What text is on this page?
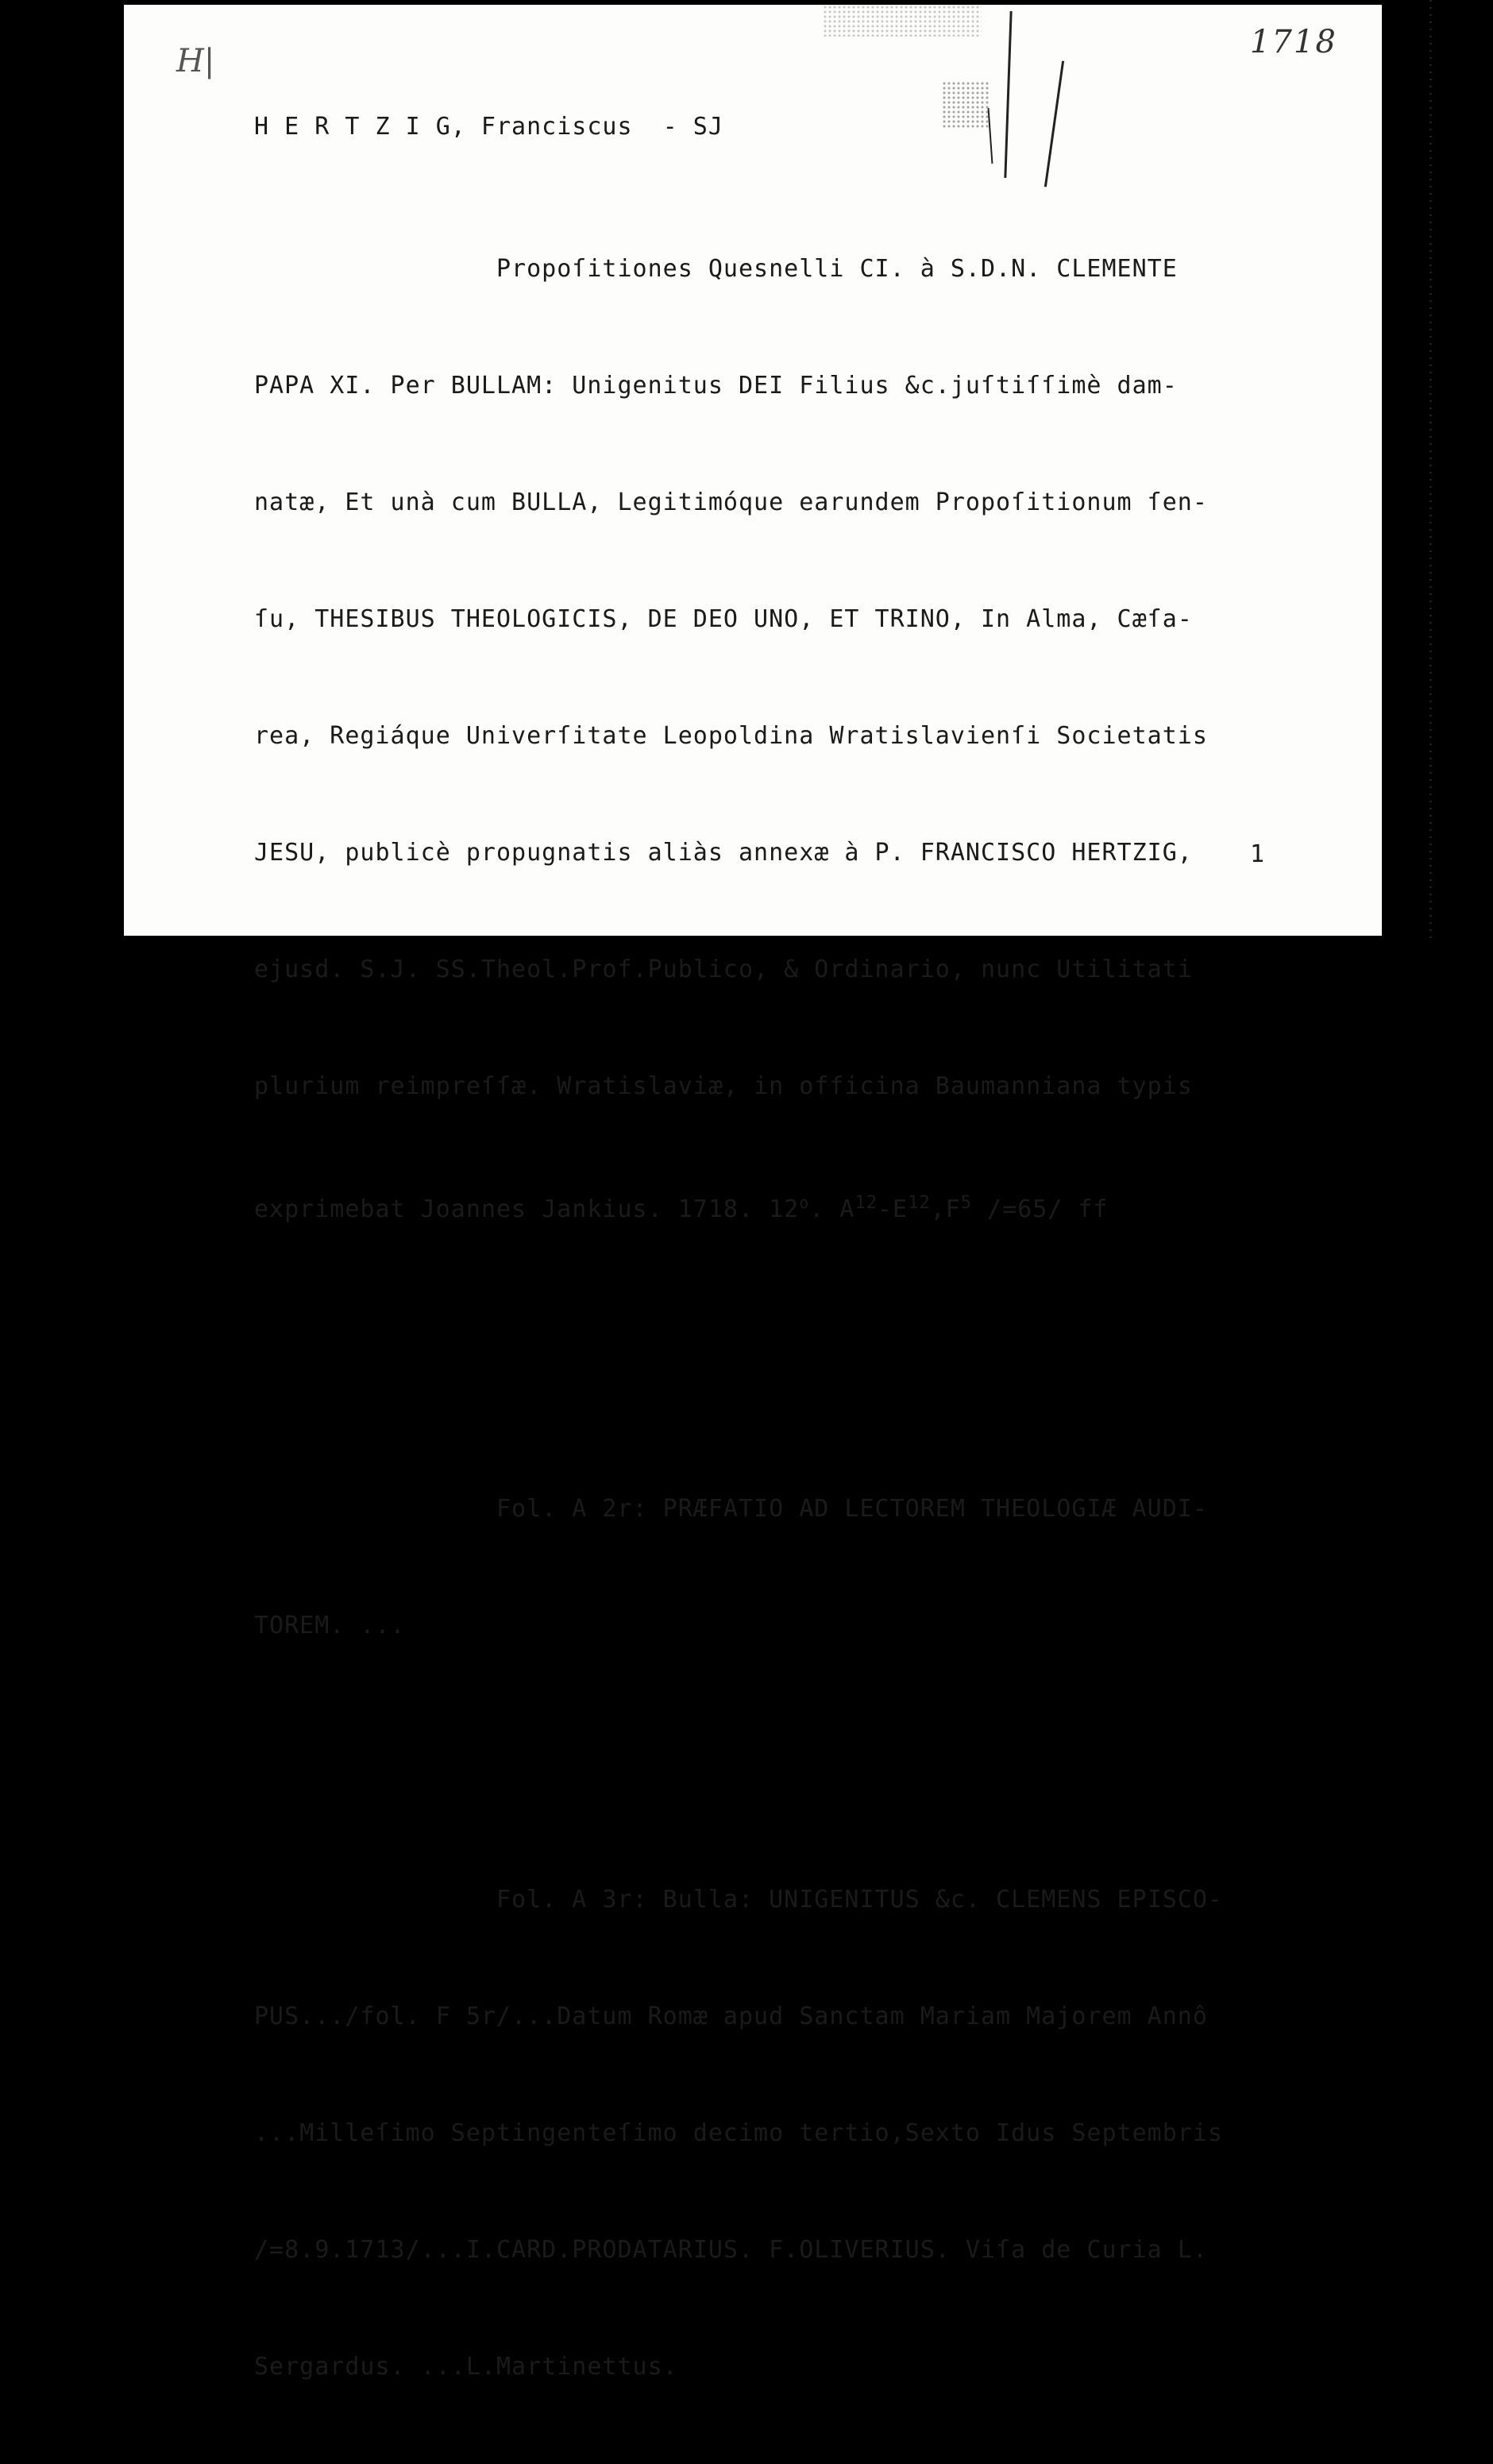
H|
1718
H E R T Z I G, Franciscus  - SJ

Propoſitiones Quesnelli CI. à S.D.N. CLEMENTE

PAPA XI. Per BULLAM: Unigenitus DEI Filius &c.juſtiſſimè dam-

natæ, Et unà cum BULLA, Legitimóque earundem Propoſitionum ſen-

ſu, THESIBUS THEOLOGICIS, DE DEO UNO, ET TRINO, In Alma, Cæſa-

rea, Regiáque Univerſitate Leopoldina Wratislavienſi Societatis

JESU, publicè propugnatis aliàs annexæ à P. FRANCISCO HERTZIG,

ejusd. S.J. SS.Theol.Prof.Publico, & Ordinario, nunc Utilitati

plurium reimpreſſæ. Wratislaviæ, in officina Baumanniana typis

exprimebat Joannes Jankius. 1718. 12$^o$. $A^{12}-E^{12},F^5$ /=65/ ff

Fol. A 2r: PRÆFATIO AD LECTOREM THEOLOGIÆ AUDI-

TOREM. ...

Fol. A 3r: Bulla: UNIGENITUS &c. CLEMENS EPISCO-

PUS.../fol. F 5r/...Datum Romæ apud Sanctam Mariam Majorem Annô

...Milleſimo Septingenteſimo decimo tertio,Sexto Idus Septembris

/=8.9.1713/...I.CARD.PRODATARIUS. F.OLIVERIUS. Viſa de Curia L.

Sergardus. ...L.Martinettus.

1
